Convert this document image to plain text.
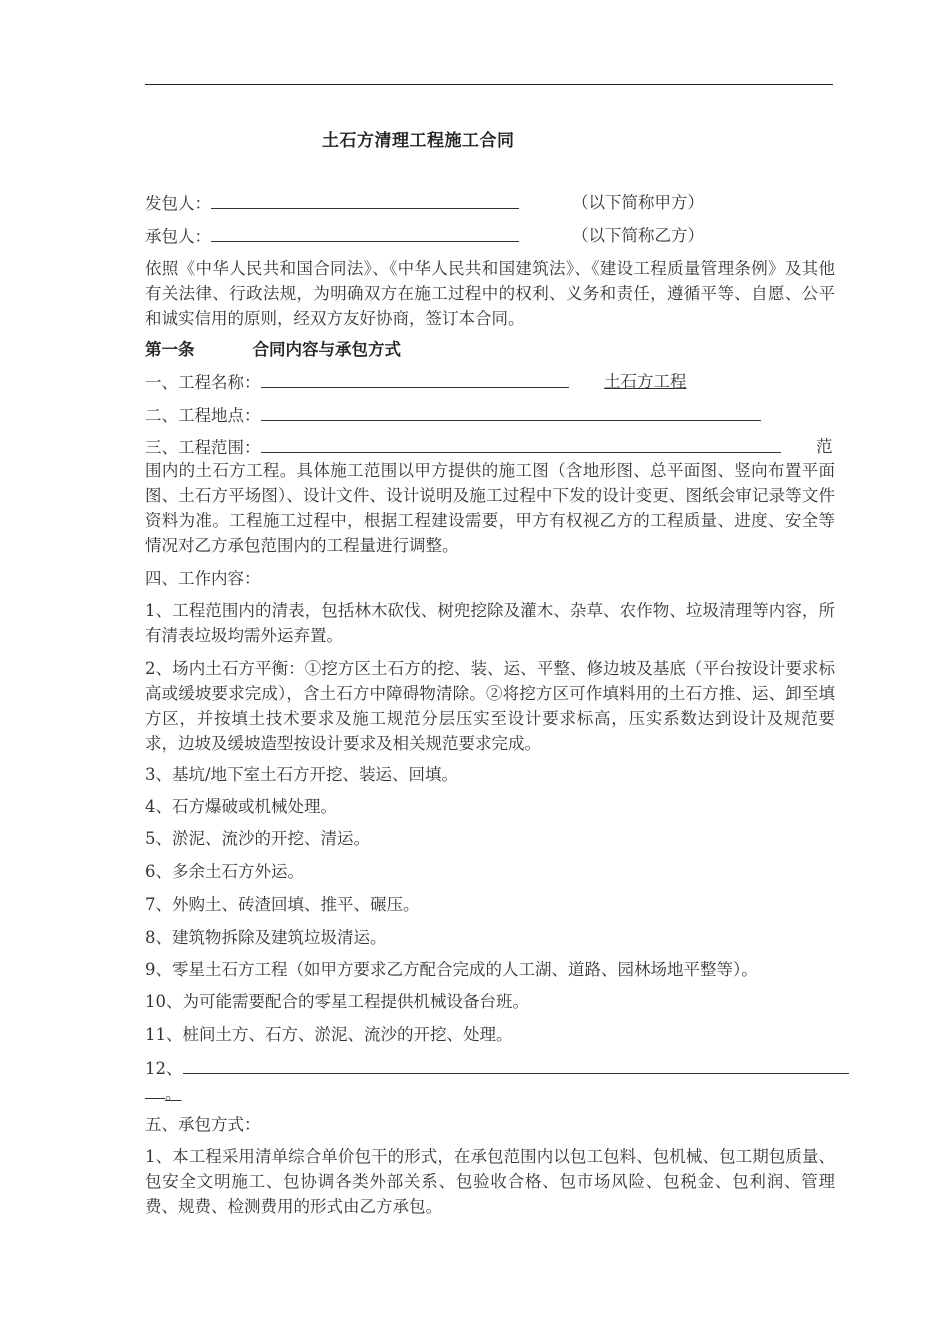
土石方清理工程施工合同
发包人：	（以下简称甲方）
承包人：	（以下简称乙方）
依照《中华人民共和国合同法》、《中华人民共和国建筑法》、《建设工程质量管理条例》及其他有关法律、行政法规，为明确双方在施工过程中的权利、义务和责任，遵循平等、自愿、公平和诚实信用的原则，经双方友好协商，签订本合同。
第一条	合同内容与承包方式
一、工程名称：	土石方工程
二、工程地点：
三、工程范围：	范
围内的土石方工程。具体施工范围以甲方提供的施工图（含地形图、总平面图、竖向布置平面图、土石方平场图）、设计文件、设计说明及施工过程中下发的设计变更、图纸会审记录等文件资料为准。工程施工过程中，根据工程建设需要，甲方有权视乙方的工程质量、进度、安全等情况对乙方承包范围内的工程量进行调整。
四、工作内容：
1、工程范围内的清表，包括林木砍伐、树兜挖除及灌木、杂草、农作物、垃圾清理等内容，所有清表垃圾均需外运弃置。
2、场内土石方平衡：①挖方区土石方的挖、装、运、平整、修边坡及基底（平台按设计要求标高或缓坡要求完成），含土石方中障碍物清除。②将挖方区可作填料用的土石方推、运、卸至填方区，并按填土技术要求及施工规范分层压实至设计要求标高，压实系数达到设计及规范要求，边坡及缓坡造型按设计要求及相关规范要求完成。
3、基坑/地下室土石方开挖、装运、回填。
4、石方爆破或机械处理。
5、淤泥、流沙的开挖、清运。
6、多余土石方外运。
7、外购土、砖渣回填、推平、碾压。
8、建筑物拆除及建筑垃圾清运。
9、零星土石方工程（如甲方要求乙方配合完成的人工湖、道路、园林场地平整等）。
10、为可能需要配合的零星工程提供机械设备台班。
11、桩间土方、石方、淤泥、流沙的开挖、处理。
12、
。
五、承包方式：
1、本工程采用清单综合单价包干的形式，在承包范围内以包工包料、包机械、包工期包质量、包安全文明施工、包协调各类外部关系、包验收合格、包市场风险、包税金、包利润、管理费、规费、检测费用的形式由乙方承包。
